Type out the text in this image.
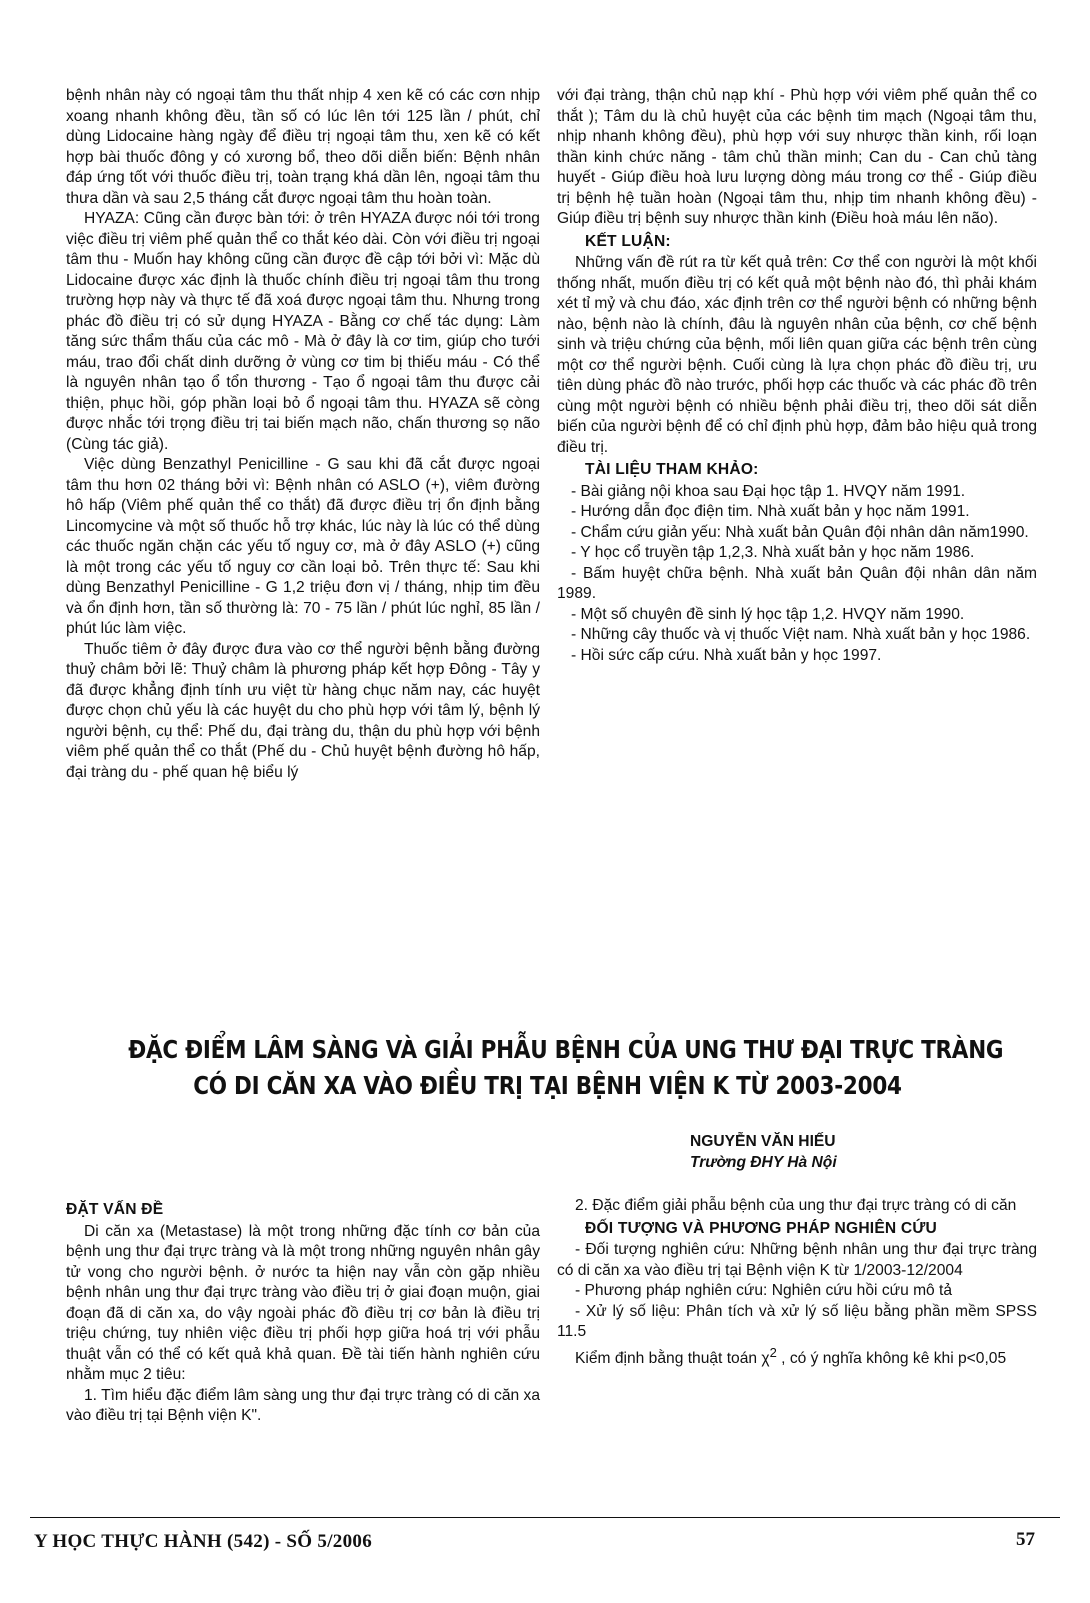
bệnh nhân này có ngoại tâm thu thất nhịp 4 xen kẽ có các cơn nhịp xoang nhanh không đều, tần số có lúc lên tới 125 lần / phút, chỉ dùng Lidocaine hàng ngày để điều trị ngoại tâm thu, xen kẽ có kết hợp bài thuốc đông y có xương bổ, theo dõi diễn biến: Bệnh nhân đáp ứng tốt với thuốc điều trị, toàn trạng khá dần lên, ngoại tâm thu thưa dần và sau 2,5 tháng cắt được ngoại tâm thu hoàn toàn.

HYAZA: Cũng cần được bàn tới: ở trên HYAZA được nói tới trong việc điều trị viêm phế quản thể co thắt kéo dài. Còn với điều trị ngoại tâm thu - Muốn hay không cũng cần được đề cập tới bởi vì: Mặc dù Lidocaine được xác định là thuốc chính điều trị ngoại tâm thu trong trường hợp này và thực tế đã xoá được ngoại tâm thu. Nhưng trong phác đồ điều trị có sử dụng HYAZA - Bằng cơ chế tác dụng: Làm tăng sức thẩm thấu của các mô - Mà ở đây là cơ tim, giúp cho tưới máu, trao đổi chất dinh dưỡng ở vùng cơ tim bị thiếu máu - Có thể là nguyên nhân tạo ổ tổn thương - Tạo ổ ngoại tâm thu được cải thiện, phục hồi, góp phần loại bỏ ổ ngoại tâm thu. HYAZA sẽ còng được nhắc tới trọng điều trị tai biến mạch não, chấn thương sọ não (Cùng tác giả).

Việc dùng Benzathyl Penicilline - G sau khi đã cắt được ngoại tâm thu hơn 02 tháng bởi vì: Bệnh nhân có ASLO (+), viêm đường hô hấp (Viêm phế quản thể co thắt) đã được điều trị ổn định bằng Lincomycine và một số thuốc hỗ trợ khác, lúc này là lúc có thể dùng các thuốc ngăn chặn các yếu tố nguy cơ, mà ở đây ASLO (+) cũng là một trong các yếu tố nguy cơ cần loại bỏ. Trên thực tế: Sau khi dùng Benzathyl Penicilline - G 1,2 triệu đơn vị / tháng, nhịp tim đều và ổn định hơn, tần số thường là: 70 - 75 lần / phút lúc nghỉ, 85 lần / phút lúc làm việc.

Thuốc tiêm ở đây được đưa vào cơ thể người bệnh bằng đường thuỷ châm bởi lẽ: Thuỷ châm là phương pháp kết hợp Đông - Tây y đã được khẳng định tính ưu việt từ hàng chục năm nay, các huyệt được chọn chủ yếu là các huyệt du cho phù hợp với tâm lý, bệnh lý người bệnh, cụ thể: Phế du, đại tràng du, thận du phù hợp với bệnh viêm phế quản thể co thắt (Phế du - Chủ huyệt bệnh đường hô hấp, đại tràng du - phế quan hệ biểu lý

với đại tràng, thận chủ nạp khí - Phù hợp với viêm phế quản thể co thắt ); Tâm du là chủ huyệt của các bệnh tim mạch (Ngoại tâm thu, nhịp nhanh không đều), phù hợp với suy nhược thần kinh, rối loạn thần kinh chức năng - tâm chủ thần minh; Can du - Can chủ tàng huyết - Giúp điều hoà lưu lượng dòng máu trong cơ thể - Giúp điều trị bệnh hệ tuần hoàn (Ngoại tâm thu, nhịp tim nhanh không đều) - Giúp điều trị bệnh suy nhược thần kinh (Điều hoà máu lên não).

KẾT LUẬN:

Những vấn đề rút ra từ kết quả trên: Cơ thể con người là một khối thống nhất, muốn điều trị có kết quả một bệnh nào đó, thì phải khám xét tỉ mỷ và chu đáo, xác định trên cơ thể người bệnh có những bệnh nào, bệnh nào là chính, đâu là nguyên nhân của bệnh, cơ chế bệnh sinh và triệu chứng của bệnh, mối liên quan giữa các bệnh trên cùng một cơ thể người bệnh. Cuối cùng là lựa chọn phác đồ điều trị, ưu tiên dùng phác đồ nào trước, phối hợp các thuốc và các phác đồ trên cùng một người bệnh có nhiều bệnh phải điều trị, theo dõi sát diễn biến của người bệnh để có chỉ định phù hợp, đảm bảo hiệu quả trong điều trị.

TÀI LIỆU THAM KHẢO:

- Bài giảng nội khoa sau Đại học tập 1. HVQY năm 1991.

- Hướng dẫn đọc điện tim. Nhà xuất bản y học năm 1991.

- Chẩm cứu giản yếu: Nhà xuất bản Quân đội nhân dân năm1990.

- Y học cổ truyền tập 1,2,3. Nhà xuất bản y học năm 1986.

- Bấm huyệt chữa bệnh. Nhà xuất bản Quân đội nhân dân năm 1989.

- Một số chuyên đề sinh lý học tập 1,2. HVQY năm 1990.

- Những cây thuốc và vị thuốc Việt nam. Nhà xuất bản y học 1986.

- Hồi sức cấp cứu. Nhà xuất bản y học 1997.

ĐẶC ĐIỂM LÂM SÀNG VÀ GIẢI PHẪU BỆNH CỦA UNG THƯ ĐẠI TRỰC TRÀNG
CÓ DI CĂN XA VÀO ĐIỀU TRỊ TẠI BỆNH VIỆN K TỪ 2003-2004
NGUYỄN VĂN HIẾU
Trường ĐHY Hà Nội
ĐẶT VẤN ĐỀ

Di căn xa (Metastase) là một trong những đặc tính cơ bản của bệnh ung thư đại trực tràng và là một trong những nguyên nhân gây tử vong cho người bệnh. ở nước ta hiện nay vẫn còn gặp nhiều bệnh nhân ung thư đại trực tràng vào điều trị ở giai đoạn muộn, giai đoạn đã di căn xa, do vậy ngoài phác đồ điều trị cơ bản là điều trị triệu chứng, tuy nhiên việc điều trị phối hợp giữa hoá trị với phẫu thuật vẫn có thể có kết quả khả quan. Đề tài tiến hành nghiên cứu nhằm mục 2 tiêu:

1. Tìm hiểu đặc điểm lâm sàng ung thư đại trực tràng có di căn xa vào điều trị tại Bệnh viện K".

2. Đặc điểm giải phẫu bệnh của ung thư đại trực tràng có di căn

ĐỐI TƯỢNG VÀ PHƯƠNG PHÁP NGHIÊN CỨU

- Đối tượng nghiên cứu: Những bệnh nhân ung thư đại trực tràng có di căn xa vào điều trị tại Bệnh viện K từ 1/2003-12/2004

- Phương pháp nghiên cứu: Nghiên cứu hồi cứu mô tả

- Xử lý số liệu: Phân tích và xử lý số liệu bằng phần mềm SPSS 11.5

Kiểm định bằng thuật toán $\chi^2$ , có ý nghĩa không kê khi p<0,05

Y HỌC THỰC HÀNH (542) - SỐ 5/2006	57
